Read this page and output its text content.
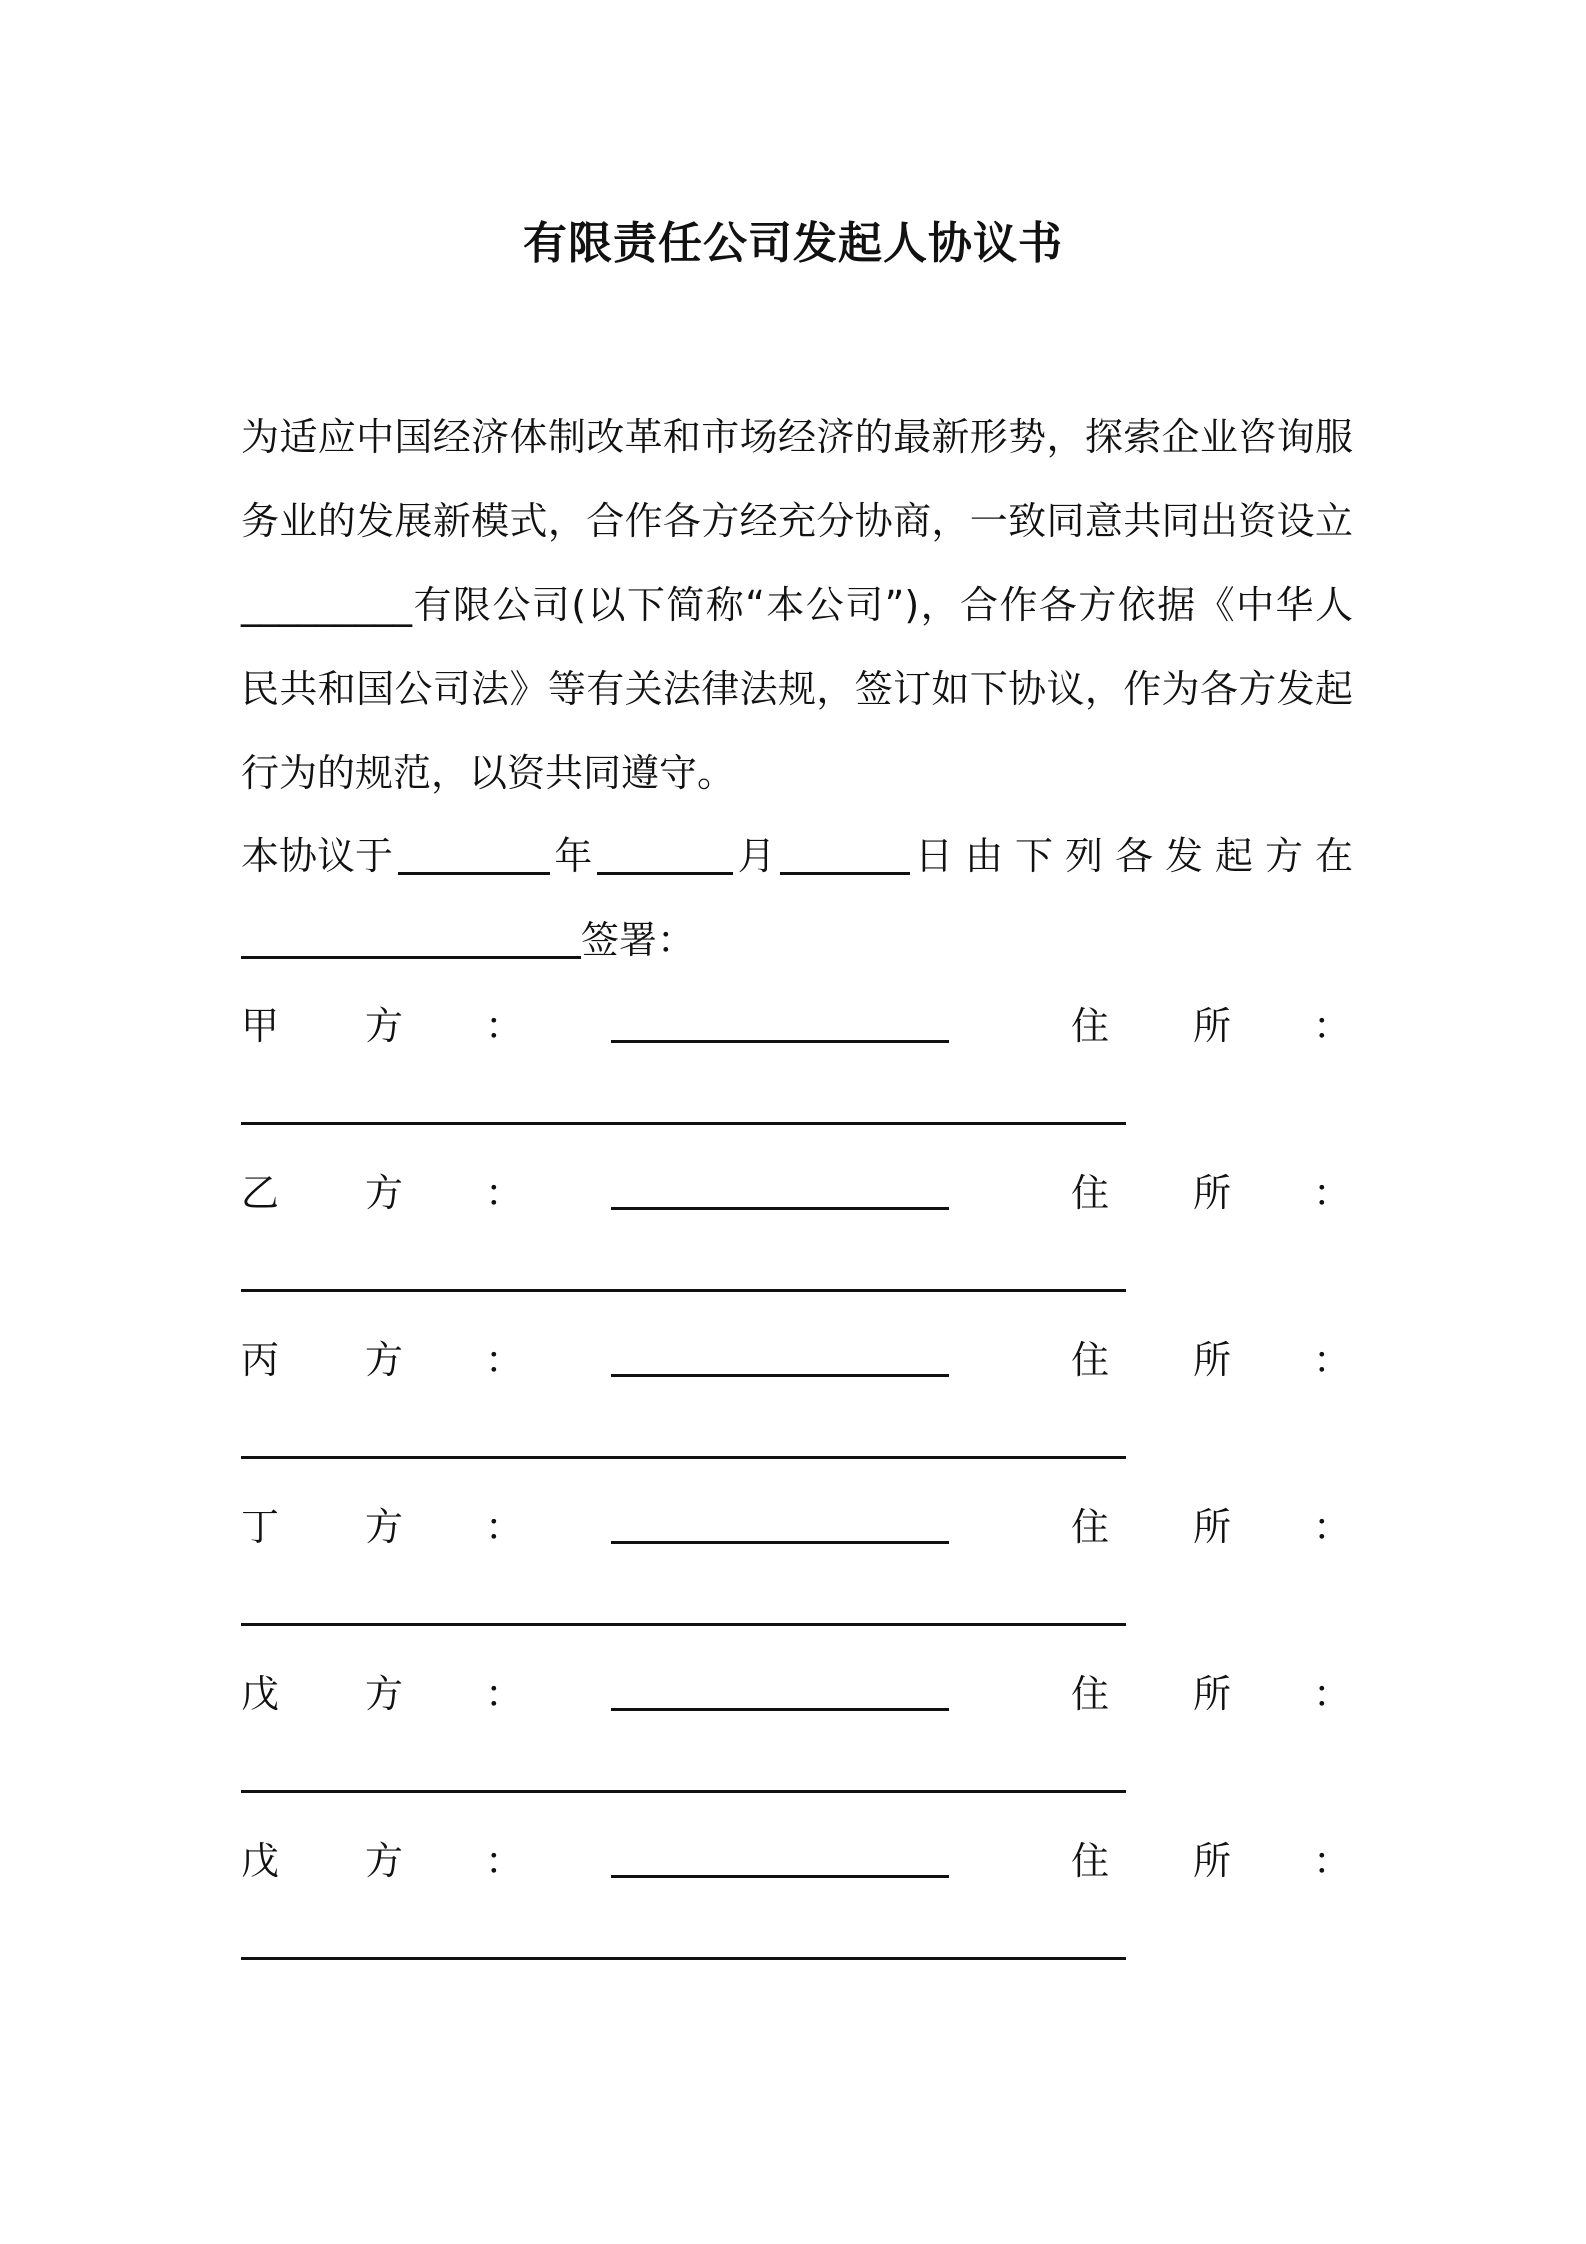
有限责任公司发起人协议书
为适应中国经济体制改革和市场经济的最新形势，探索企业咨询服务业的发展新模式，合作各方经充分协商，一致同意共同出资设立_________有限公司(以下简称“本公司”)，合作各方依据《中华人民共和国公司法》等有关法律法规，签订如下协议，作为各方发起行为的规范，以资共同遵守。
本协议于	年	月	日由下列各发起方在
签署：
甲 方 ：	住 所 ：
乙 方 ：	住 所 ：
丙 方 ：	住 所 ：
丁 方 ：	住 所 ：
戊 方 ：	住 所 ：
戊 方 ：	住 所 ：
